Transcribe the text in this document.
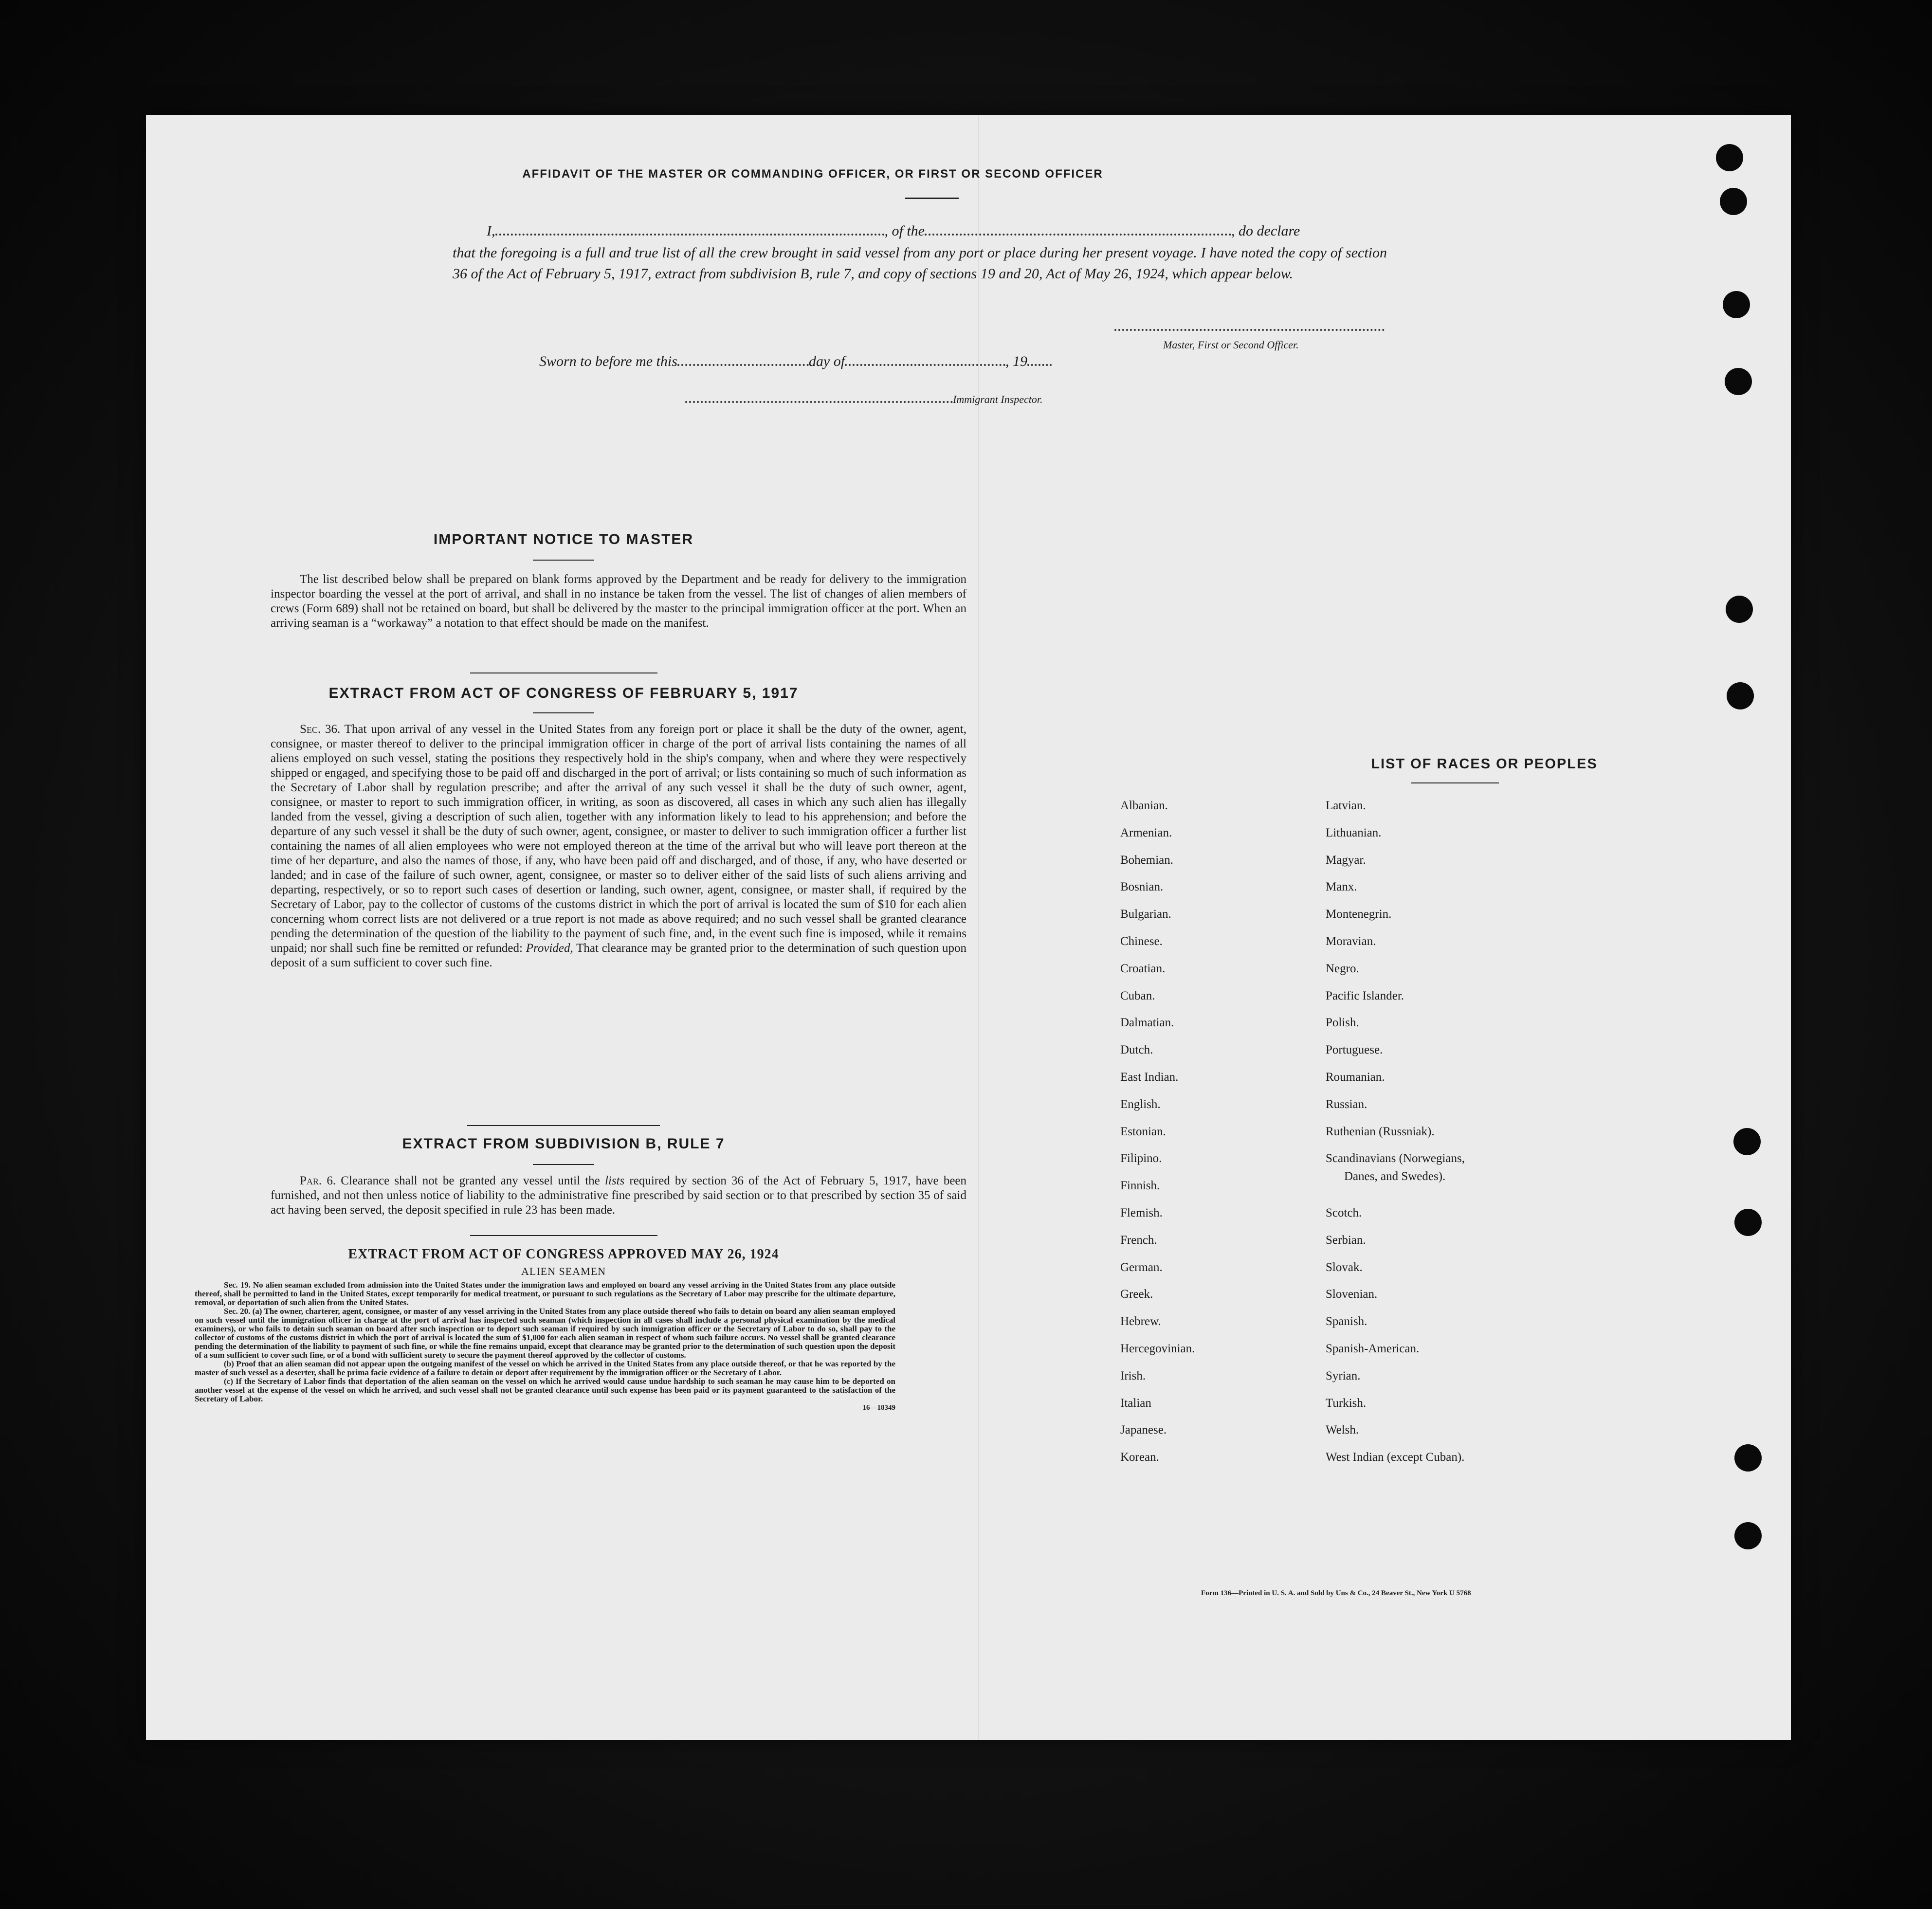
AFFIDAVIT OF THE MASTER OR COMMANDING OFFICER, OR FIRST OR SECOND OFFICER
I,	, of the	, do declare
that the foregoing is a full and true list of all the crew brought in said vessel from any port or place during her present voyage. I have noted the copy of section 36 of the Act of February 5, 1917, extract from subdivision B, rule 7, and copy of sections 19 and 20, Act of May 26, 1924, which appear below.
Master, First or Second Officer.
Sworn to before me this	day of	, 19
Immigrant Inspector.
IMPORTANT NOTICE TO MASTER
The list described below shall be prepared on blank forms approved by the Department and be ready for delivery to the immigration inspector boarding the vessel at the port of arrival, and shall in no instance be taken from the vessel. The list of changes of alien members of crews (Form 689) shall not be retained on board, but shall be delivered by the master to the principal immigration officer at the port. When an arriving seaman is a “workaway” a notation to that effect should be made on the manifest.
EXTRACT FROM ACT OF CONGRESS OF FEBRUARY 5, 1917
Sec. 36. That upon arrival of any vessel in the United States from any foreign port or place it shall be the duty of the owner, agent, consignee, or master thereof to deliver to the principal immigration officer in charge of the port of arrival lists containing the names of all aliens employed on such vessel, stating the positions they respectively hold in the ship's company, when and where they were respectively shipped or engaged, and specifying those to be paid off and discharged in the port of arrival; or lists containing so much of such information as the Secretary of Labor shall by regulation prescribe; and after the arrival of any such vessel it shall be the duty of such owner, agent, consignee, or master to report to such immigration officer, in writing, as soon as discovered, all cases in which any such alien has illegally landed from the vessel, giving a description of such alien, together with any information likely to lead to his apprehension; and before the departure of any such vessel it shall be the duty of such owner, agent, consignee, or master to deliver to such immigration officer a further list containing the names of all alien employees who were not employed thereon at the time of the arrival but who will leave port thereon at the time of her departure, and also the names of those, if any, who have been paid off and discharged, and of those, if any, who have deserted or landed; and in case of the failure of such owner, agent, consignee, or master so to deliver either of the said lists of such aliens arriving and departing, respectively, or so to report such cases of desertion or landing, such owner, agent, consignee, or master shall, if required by the Secretary of Labor, pay to the collector of customs of the customs district in which the port of arrival is located the sum of $10 for each alien concerning whom correct lists are not delivered or a true report is not made as above required; and no such vessel shall be granted clearance pending the determination of the question of the liability to the payment of such fine, and, in the event such fine is imposed, while it remains unpaid; nor shall such fine be remitted or refunded: Provided, That clearance may be granted prior to the determination of such question upon deposit of a sum sufficient to cover such fine.
EXTRACT FROM SUBDIVISION B, RULE 7
Par. 6. Clearance shall not be granted any vessel until the lists required by section 36 of the Act of February 5, 1917, have been furnished, and not then unless notice of liability to the administrative fine prescribed by said section or to that prescribed by section 35 of said act having been served, the deposit specified in rule 23 has been made.
EXTRACT FROM ACT OF CONGRESS APPROVED MAY 26, 1924
ALIEN SEAMEN
Sec. 19. No alien seaman excluded from admission into the United States under the immigration laws and employed on board any vessel arriving in the United States from any place outside thereof, shall be permitted to land in the United States, except temporarily for medical treatment, or pursuant to such regulations as the Secretary of Labor may prescribe for the ultimate departure, removal, or deportation of such alien from the United States.
Sec. 20. (a) The owner, charterer, agent, consignee, or master of any vessel arriving in the United States from any place outside thereof who fails to detain on board any alien seaman employed on such vessel until the immigration officer in charge at the port of arrival has inspected such seaman (which inspection in all cases shall include a personal physical examination by the medical examiners), or who fails to detain such seaman on board after such inspection or to deport such seaman if required by such immigration officer or the Secretary of Labor to do so, shall pay to the collector of customs of the customs district in which the port of arrival is located the sum of $1,000 for each alien seaman in respect of whom such failure occurs. No vessel shall be granted clearance pending the determination of the liability to payment of such fine, or while the fine remains unpaid, except that clearance may be granted prior to the determination of such question upon the deposit of a sum sufficient to cover such fine, or of a bond with sufficient surety to secure the payment thereof approved by the collector of customs.
(b) Proof that an alien seaman did not appear upon the outgoing manifest of the vessel on which he arrived in the United States from any place outside thereof, or that he was reported by the master of such vessel as a deserter, shall be prima facie evidence of a failure to detain or deport after requirement by the immigration officer or the Secretary of Labor.
(c) If the Secretary of Labor finds that deportation of the alien seaman on the vessel on which he arrived would cause undue hardship to such seaman he may cause him to be deported on another vessel at the expense of the vessel on which he arrived, and such vessel shall not be granted clearance until such expense has been paid or its payment guaranteed to the satisfaction of the Secretary of Labor.
16—18349
LIST OF RACES OR PEOPLES
Albanian.
Armenian.
Bohemian.
Bosnian.
Bulgarian.
Chinese.
Croatian.
Cuban.
Dalmatian.
Dutch.
East Indian.
English.
Estonian.
Filipino.
Finnish.
Flemish.
French.
German.
Greek.
Hebrew.
Hercegovinian.
Irish.
Italian
Japanese.
Korean.
Latvian.
Lithuanian.
Magyar.
Manx.
Montenegrin.
Moravian.
Negro.
Pacific Islander.
Polish.
Portuguese.
Roumanian.
Russian.
Ruthenian (Russniak).
Scandinavians (Norwegians,
Scotch.
Serbian.
Slovak.
Slovenian.
Spanish.
Spanish-American.
Syrian.
Turkish.
Welsh.
West Indian (except Cuban).
Danes, and Swedes).
Form 136—Printed in U. S. A. and Sold by Uns & Co., 24 Beaver St., New York U 5768
